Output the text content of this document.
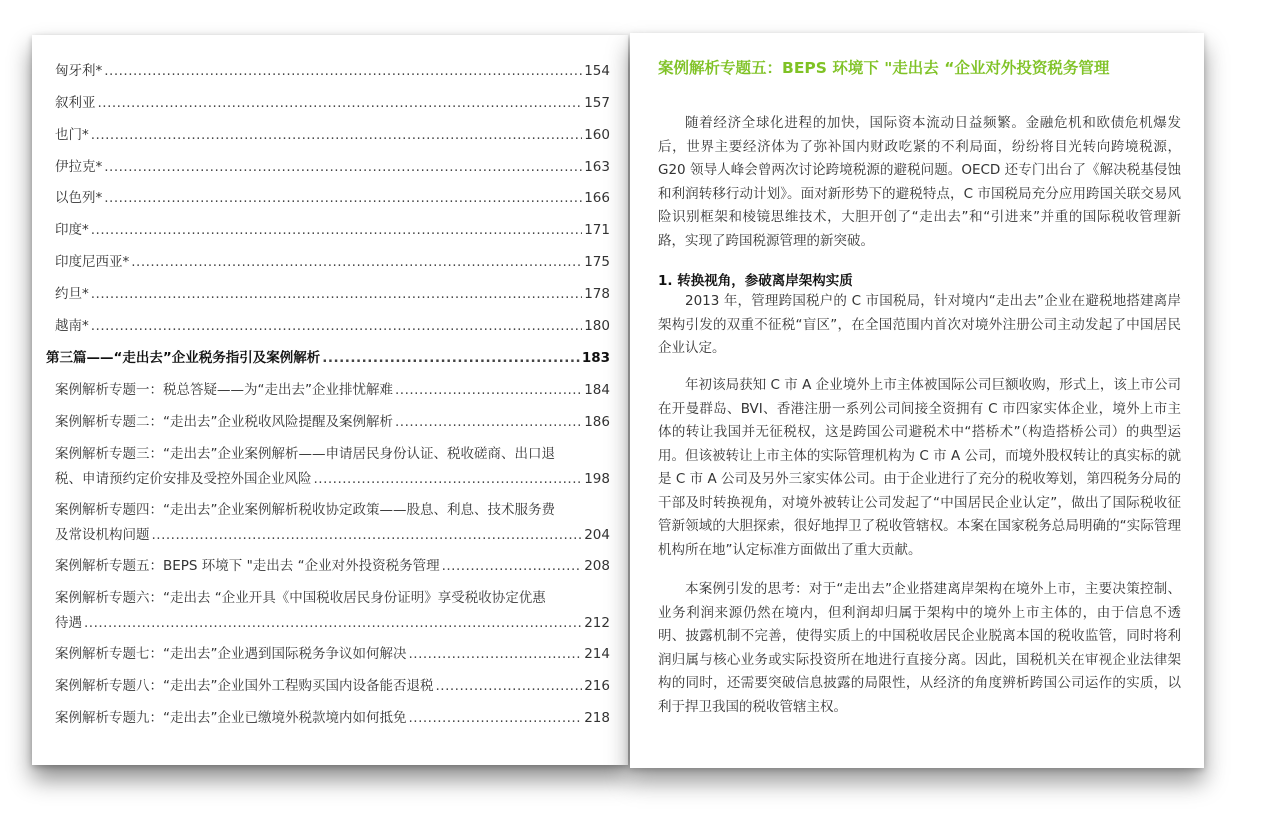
匈牙利* .....	154
叙利亚 .....	157
也门* .....	160
伊拉克* .....	163
以色列* .....	166
印度* .....	171
印度尼西亚* .....	175
约旦* .....	178
越南* .....	180
第三篇——“走出去”企业税务指引及案例解析 .....	183
案例解析专题一：税总答疑——为“走出去”企业排忧解难 .....	184
案例解析专题二：“走出去”企业税收风险提醒及案例解析 .....	186
案例解析专题三：“走出去”企业案例解析——申请居民身份认证、税收磋商、出口退
税、申请预约定价安排及受控外国企业风险 .....	198
案例解析专题四：“走出去”企业案例解析税收协定政策——股息、利息、技术服务费
及常设机构问题 .....	204
案例解析专题五：BEPS 环境下 "走出去 “企业对外投资税务管理 .....	208
案例解析专题六：“走出去 “企业开具《中国税收居民身份证明》享受税收协定优惠
待遇 .....	212
案例解析专题七：“走出去”企业遇到国际税务争议如何解决 .....	214
案例解析专题八：“走出去”企业国外工程购买国内设备能否退税 .....	216
案例解析专题九：“走出去”企业已缴境外税款境内如何抵免 .....	218
案例解析专题五：BEPS 环境下 "走出去 “企业对外投资税务管理

随着经济全球化进程的加快，国际资本流动日益频繁。金融危机和欧债危机爆发后，世界主要经济体为了弥补国内财政吃紧的不利局面，纷纷将目光转向跨境税源，G20 领导人峰会曾两次讨论跨境税源的避税问题。OECD 还专门出台了《解决税基侵蚀和利润转移行动计划》。面对新形势下的避税特点，C 市国税局充分应用跨国关联交易风险识别框架和棱镜思维技术，大胆开创了“走出去”和“引进来”并重的国际税收管理新路，实现了跨国税源管理的新突破。

1. 转换视角，参破离岸架构实质

2013 年，管理跨国税户的 C 市国税局，针对境内“走出去”企业在避税地搭建离岸架构引发的双重不征税“盲区”，在全国范围内首次对境外注册公司主动发起了中国居民企业认定。

年初该局获知 C 市 A 企业境外上市主体被国际公司巨额收购，形式上，该上市公司在开曼群岛、BVI、香港注册一系列公司间接全资拥有 C 市四家实体企业，境外上市主体的转让我国并无征税权，这是跨国公司避税术中“搭桥术”（构造搭桥公司）的典型运用。但该被转让上市主体的实际管理机构为 C 市 A 公司，而境外股权转让的真实标的就是 C 市 A 公司及另外三家实体公司。由于企业进行了充分的税收筹划，第四税务分局的干部及时转换视角，对境外被转让公司发起了“中国居民企业认定”，做出了国际税收征管新领域的大胆探索，很好地捍卫了税收管辖权。本案在国家税务总局明确的“实际管理机构所在地”认定标准方面做出了重大贡献。

本案例引发的思考：对于“走出去”企业搭建离岸架构在境外上市，主要决策控制、业务利润来源仍然在境内，但利润却归属于架构中的境外上市主体的，由于信息不透明、披露机制不完善，使得实质上的中国税收居民企业脱离本国的税收监管，同时将利润归属与核心业务或实际投资所在地进行直接分离。因此，国税机关在审视企业法律架构的同时，还需要突破信息披露的局限性，从经济的角度辨析跨国公司运作的实质，以利于捍卫我国的税收管辖主权。
